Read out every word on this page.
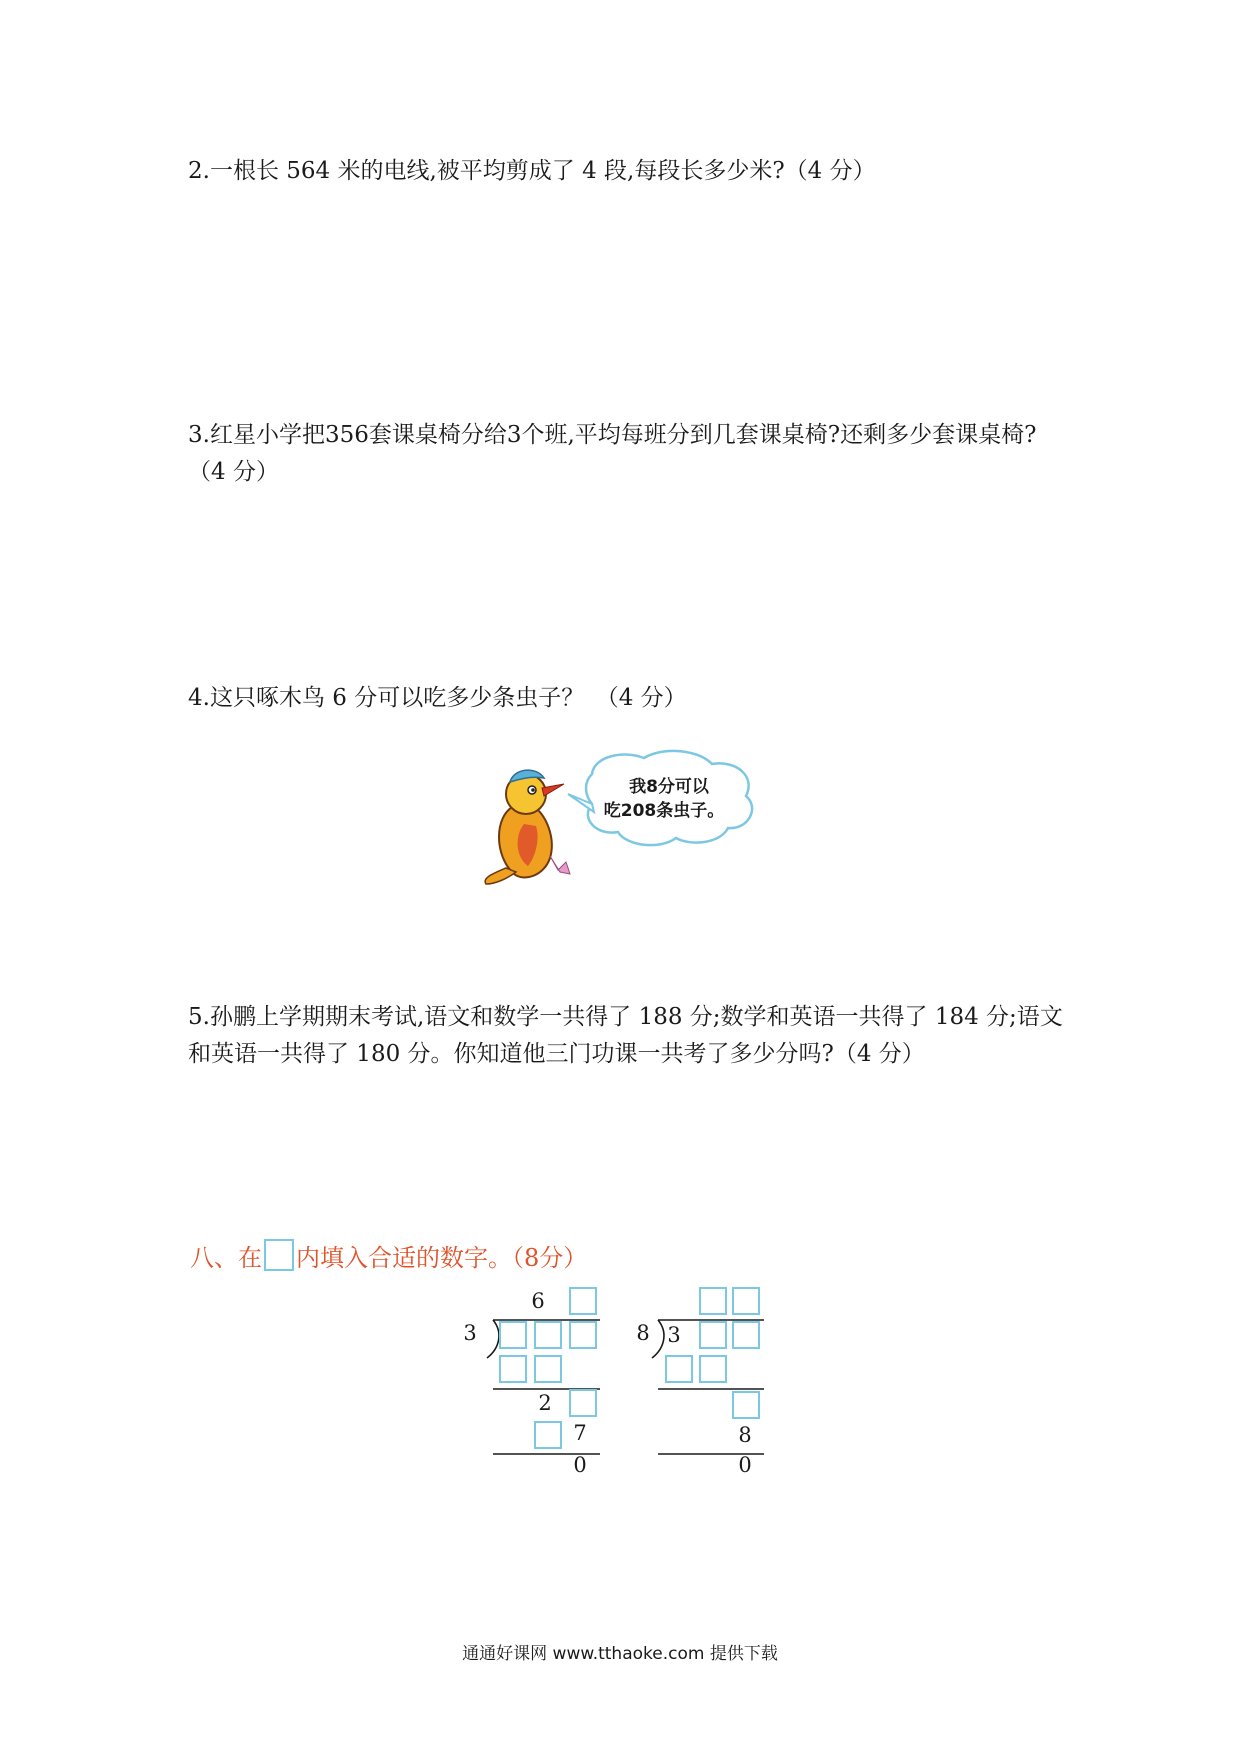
2.一根长 564 米的电线,被平均剪成了 4 段,每段长多少米?（4 分）

3.红星小学把356套课桌椅分给3个班,平均每班分到几套课桌椅?还剩多少套课桌椅?（4 分）

4.这只啄木鸟 6 分可以吃多少条虫子？　（4 分）

我8分可以
吃208条虫子。

5.孙鹏上学期期末考试,语文和数学一共得了 188 分;数学和英语一共得了 184 分;语文和英语一共得了 180 分。你知道他三门功课一共考了多少分吗?（4 分）

八、在 内填入合适的数字。（8分）
6
3
2
7
0
8 3
8
0
通通好课网 www.tthaoke.com 提供下载
